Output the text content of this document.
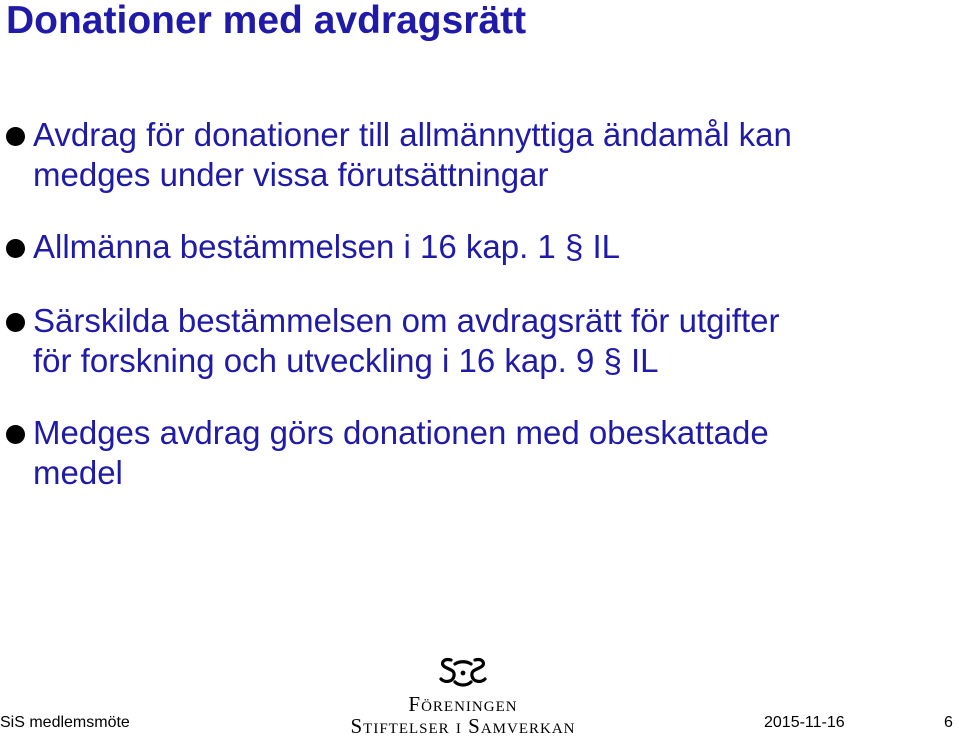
Donationer med avdragsrätt
Avdrag för donationer till allmännyttiga ändamål kan
medges under vissa förutsättningar
Allmänna bestämmelsen i 16 kap. 1 § IL
Särskilda bestämmelsen om avdragsrätt för utgifter
för forskning och utveckling i 16 kap. 9 § IL
Medges avdrag görs donationen med obeskattade
medel
Föreningen
Stiftelser i Samverkan
SiS medlemsmöte	2015-11-16	6
